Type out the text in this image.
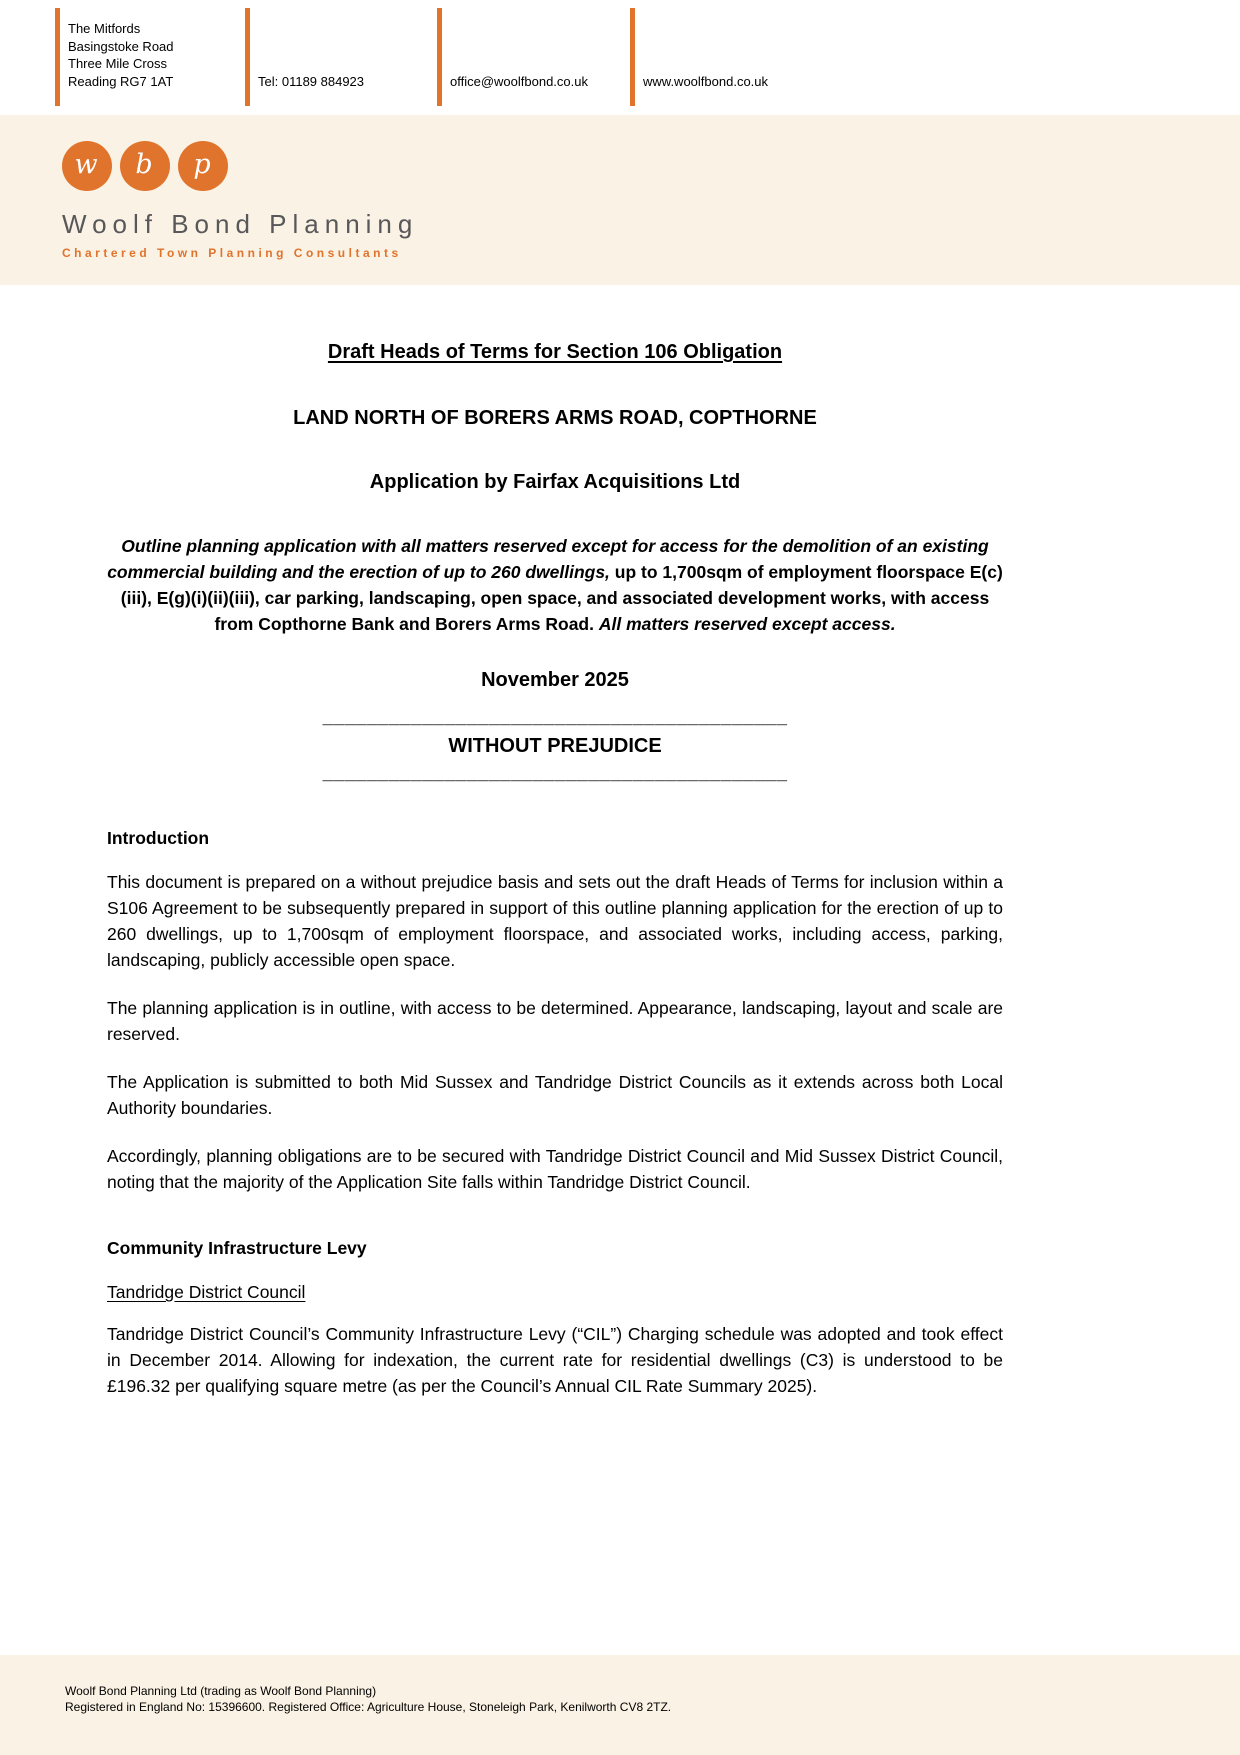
The Mitfords
Basingstoke Road
Three Mile Cross
Reading RG7 1AT	Tel: 01189 884923	office@woolfbond.co.uk	www.woolfbond.co.uk
w b p
Woolf Bond Planning
Chartered Town Planning Consultants
Draft Heads of Terms for Section 106 Obligation
LAND NORTH OF BORERS ARMS ROAD, COPTHORNE
Application by Fairfax Acquisitions Ltd

Outline planning application with all matters reserved except for access for the demolition of an existing commercial building and the erection of up to 260 dwellings, up to 1,700sqm of employment floorspace E(c)(iii), E(g)(i)(ii)(iii), car parking, landscaping, open space, and associated development works, with access from Copthorne Bank and Borers Arms Road. All matters reserved except access.

November 2025
__________________________________________
WITHOUT PREJUDICE
__________________________________________
Introduction

This document is prepared on a without prejudice basis and sets out the draft Heads of Terms for inclusion within a S106 Agreement to be subsequently prepared in support of this outline planning application for the erection of up to 260 dwellings, up to 1,700sqm of employment floorspace, and associated works, including access, parking, landscaping, publicly accessible open space.

The planning application is in outline, with access to be determined. Appearance, landscaping, layout and scale are reserved.

The Application is submitted to both Mid Sussex and Tandridge District Councils as it extends across both Local Authority boundaries.

Accordingly, planning obligations are to be secured with Tandridge District Council and Mid Sussex District Council, noting that the majority of the Application Site falls within Tandridge District Council.

Community Infrastructure Levy
Tandridge District Council

Tandridge District Council’s Community Infrastructure Levy (“CIL”) Charging schedule was adopted and took effect in December 2014. Allowing for indexation, the current rate for residential dwellings (C3) is understood to be £196.32 per qualifying square metre (as per the Council’s Annual CIL Rate Summary 2025).

Woolf Bond Planning Ltd (trading as Woolf Bond Planning)
Registered in England No: 15396600. Registered Office: Agriculture House, Stoneleigh Park, Kenilworth CV8 2TZ.
